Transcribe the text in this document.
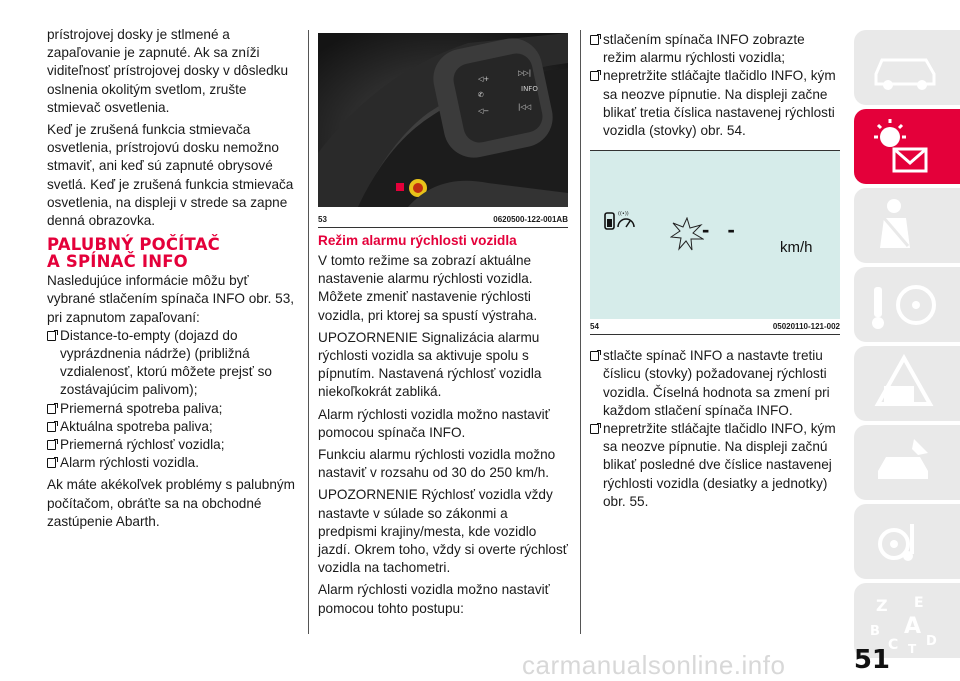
prístrojovej dosky je stlmené a zapaľovanie je zapnuté. Ak sa zníži viditeľnosť prístrojovej dosky v dôsledku oslnenia okolitým svetlom, zrušte stmievač osvetlenia.

Keď je zrušená funkcia stmievača osvetlenia, prístrojovú dosku nemožno stmaviť, ani keď sú zapnuté obrysové svetlá. Keď je zrušená funkcia stmievača osvetlenia, na displeji v strede sa zapne denná obrazovka.

PALUBNÝ POČÍTAČ
A SPÍNAČ INFO

Nasledujúce informácie môžu byť vybrané stlačením spínača INFO obr. 53, pri zapnutom zapaľovaní:

Distance-to-empty (dojazd do vyprázdnenia nádrže) (približná vzdialenosť, ktorú môžete prejsť so zostávajúcim palivom);

Priemerná spotreba paliva;

Aktuálna spotreba paliva;

Priemerná rýchlosť vozidla;

Alarm rýchlosti vozidla.

Ak máte akékoľvek problémy s palubným počítačom, obráťte sa na obchodné zastúpenie Abarth.

◁+
▷▷|
✆
INFO
◁−	|◁◁
53	0620500-122-001AB
Režim alarmu rýchlosti vozidla

V tomto režime sa zobrazí aktuálne nastavenie alarmu rýchlosti vozidla. Môžete zmeniť nastavenie rýchlosti vozidla, pri ktorej sa spustí výstraha.

UPOZORNENIE Signalizácia alarmu rýchlosti vozidla sa aktivuje spolu s pípnutím. Nastavená rýchlosť vozidla niekoľkokrát zabliká.

Alarm rýchlosti vozidla možno nastaviť pomocou spínača INFO.

Funkciu alarmu rýchlosti vozidla možno nastaviť v rozsahu od 30 do 250 km/h.

UPOZORNENIE Rýchlosť vozidla vždy nastavte v súlade so zákonmi a predpismi krajiny/mesta, kde vozidlo jazdí. Okrem toho, vždy si overte rýchlosť vozidla na tachometri.

Alarm rýchlosti vozidla možno nastaviť pomocou tohto postupu:

stlačením spínača INFO zobrazte režim alarmu rýchlosti vozidla;

nepretržite stláčajte tlačidlo INFO, kým sa neozve pípnutie. Na displeji začne blikať tretia číslica nastavenej rýchlosti vozidla (stovky) obr. 54.

((•))
- -
km/h
54	05020110-121-002

stlačte spínač INFO a nastavte tretiu číslicu (stovky) požadovanej rýchlosti vozidla. Číselná hodnota sa zmení pri každom stlačení spínača INFO.

nepretržite stláčajte tlačidlo INFO, kým sa neozve pípnutie. Na displeji začnú blikať posledné dve číslice nastavenej rýchlosti vozidla (desiatky a jednotky) obr. 55.

Z E
B A
C T D
carmanualsonline.info	51
